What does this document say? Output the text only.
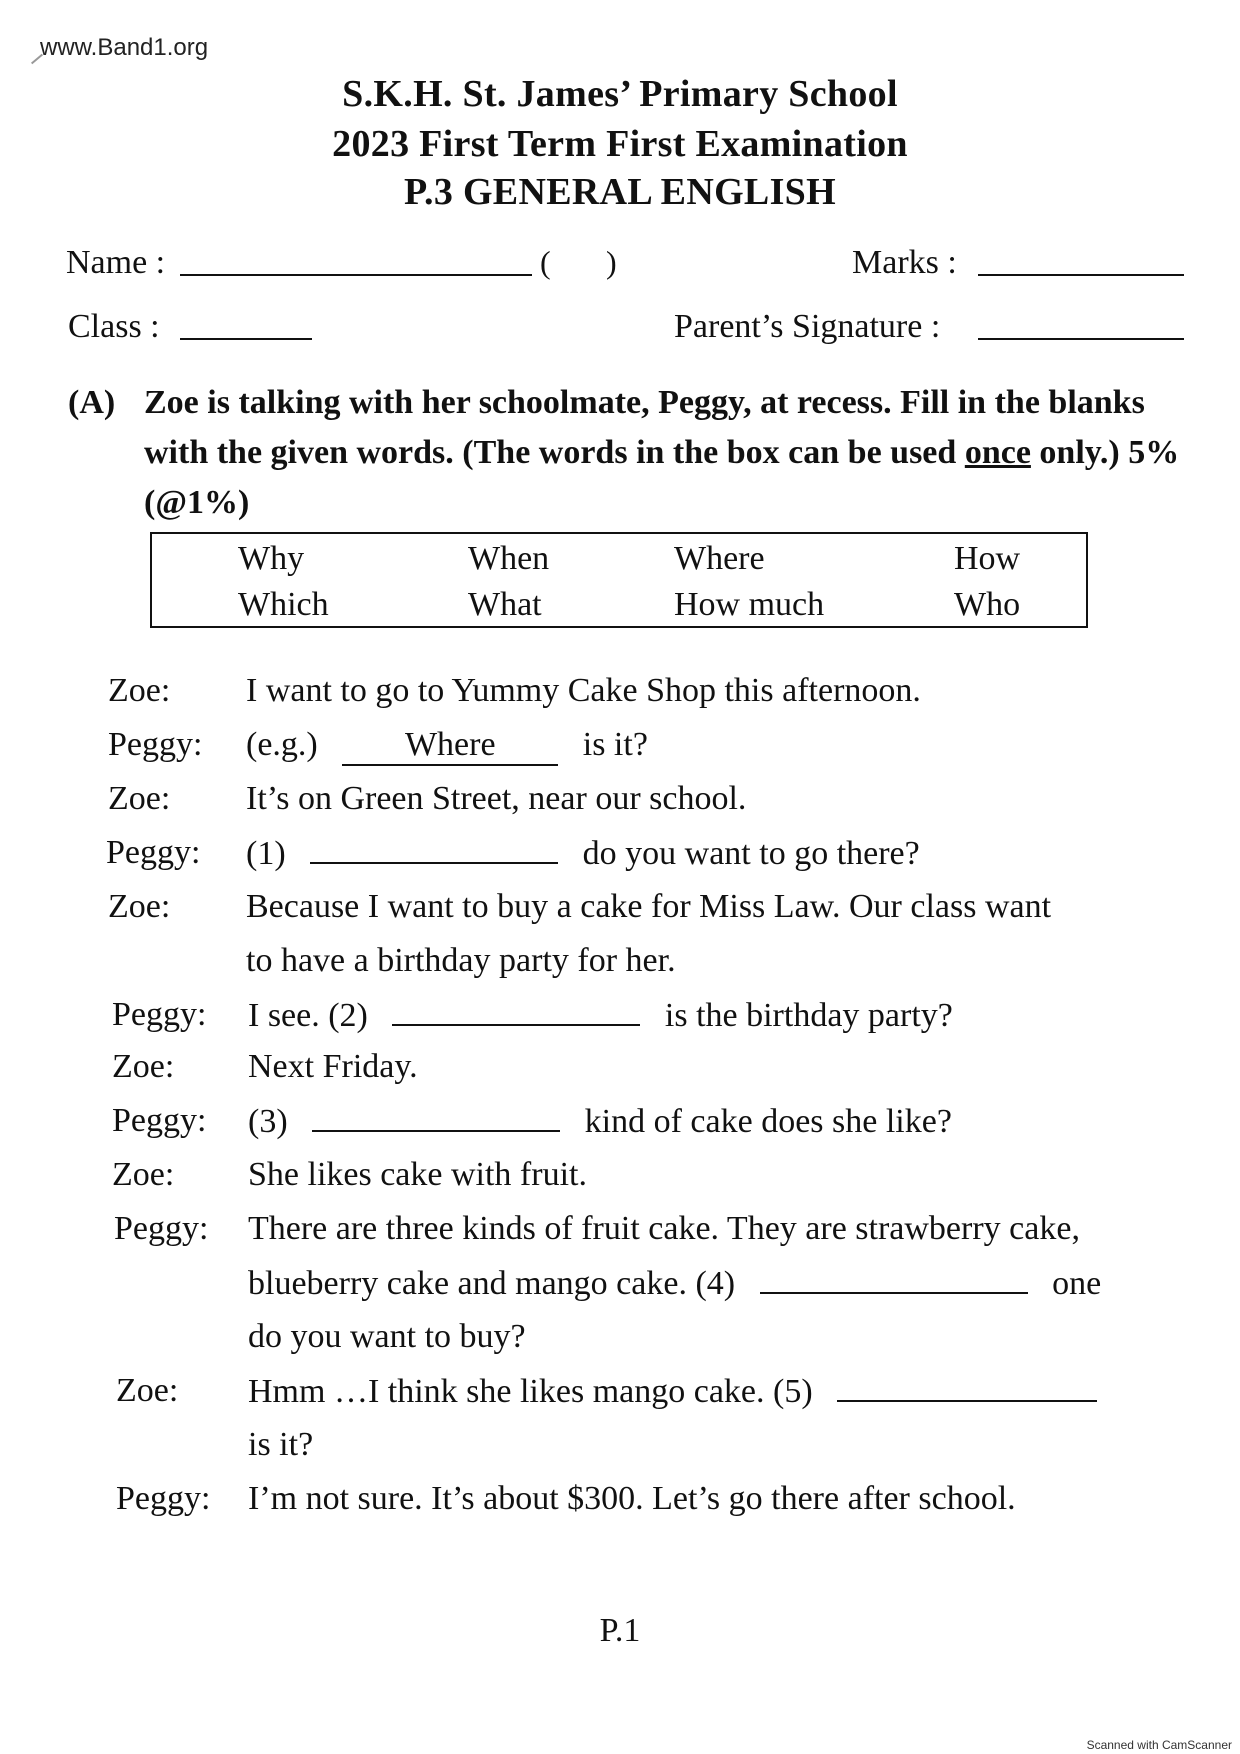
www.Band1.org
S.K.H. St. James’ Primary School
2023 First Term First Examination
P.3 GENERAL ENGLISH
Name :	( )	Marks :
Class :	Parent’s Signature :
(A) Zoe is talking with her schoolmate, Peggy, at recess. Fill in the blanks with the given words. (The words in the box can be used once only.) 5% (@1%)
Why	When	Where	How
Which	What	How much	Who
Zoe: I want to go to Yummy Cake Shop this afternoon.
Peggy: (e.g.)	Where	is it?
Zoe: It’s on Green Street, near our school.
Peggy: (1)	do you want to go there?
Zoe: Because I want to buy a cake for Miss Law. Our class want
to have a birthday party for her.
Peggy: I see. (2)	is the birthday party?
Zoe: Next Friday.
Peggy: (3)	kind of cake does she like?
Zoe: She likes cake with fruit.
Peggy: There are three kinds of fruit cake. They are strawberry cake,
blueberry cake and mango cake. (4)	one
do you want to buy?
Zoe: Hmm …I think she likes mango cake. (5)
is it?
Peggy: I’m not sure. It’s about $300. Let’s go there after school.
P.1
Scanned with CamScanner
